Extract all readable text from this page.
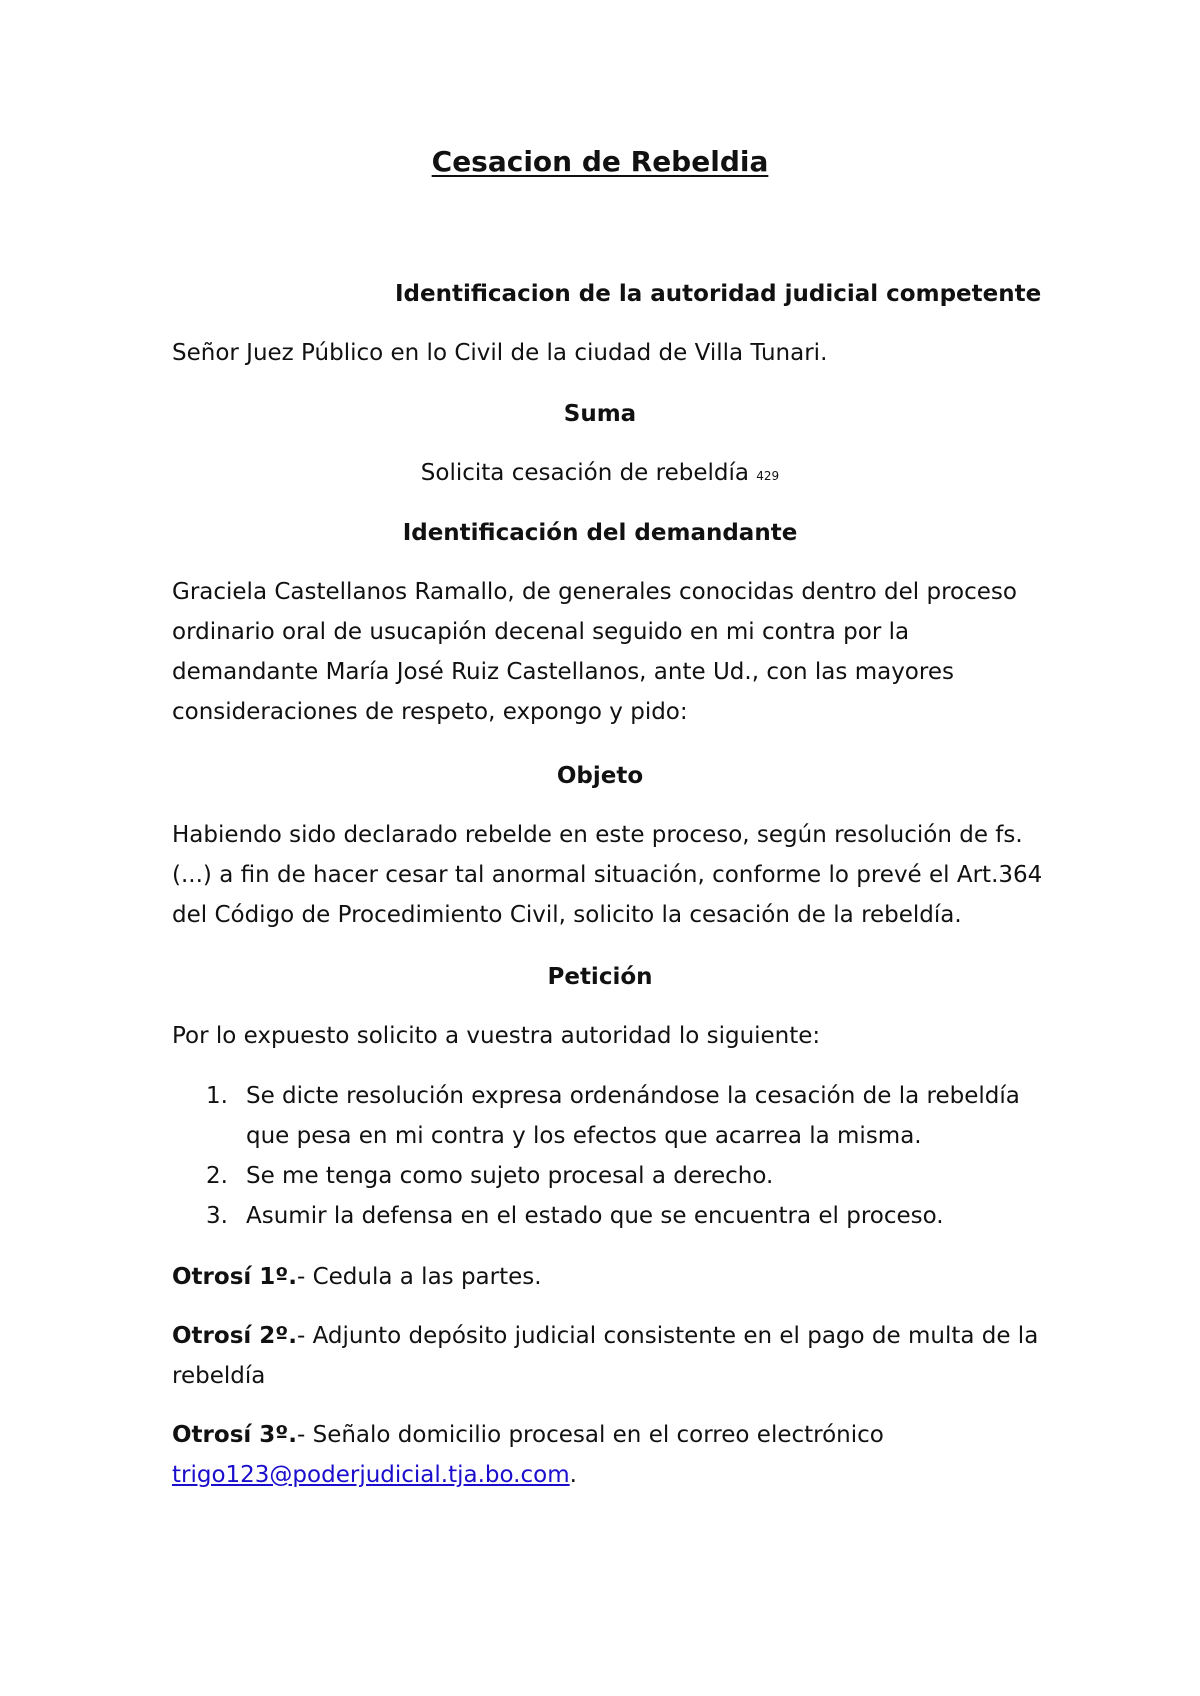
Cesacion de Rebeldia
Identificacion de la autoridad judicial competente
Señor Juez Público en lo Civil de la ciudad de Villa Tunari.
Suma
Solicita cesación de rebeldía 429
Identificación del demandante
Graciela Castellanos Ramallo, de generales conocidas dentro del proceso
ordinario oral de usucapión decenal seguido en mi contra por la
demandante María José Ruiz Castellanos, ante Ud., con las mayores
consideraciones de respeto, expongo y pido:
Objeto
Habiendo sido declarado rebelde en este proceso, según resolución de fs.
(...) a fin de hacer cesar tal anormal situación, conforme lo prevé el Art.364
del Código de Procedimiento Civil, solicito la cesación de la rebeldía.
Petición
Por lo expuesto solicito a vuestra autoridad lo siguiente:
1. Se dicte resolución expresa ordenándose la cesación de la rebeldía
que pesa en mi contra y los efectos que acarrea la misma.
2. Se me tenga como sujeto procesal a derecho.
3. Asumir la defensa en el estado que se encuentra el proceso.
Otrosí 1º.- Cedula a las partes.
Otrosí 2º.- Adjunto depósito judicial consistente en el pago de multa de la
rebeldía
Otrosí 3º.- Señalo domicilio procesal en el correo electrónico
trigo123@poderjudicial.tja.bo.com.
